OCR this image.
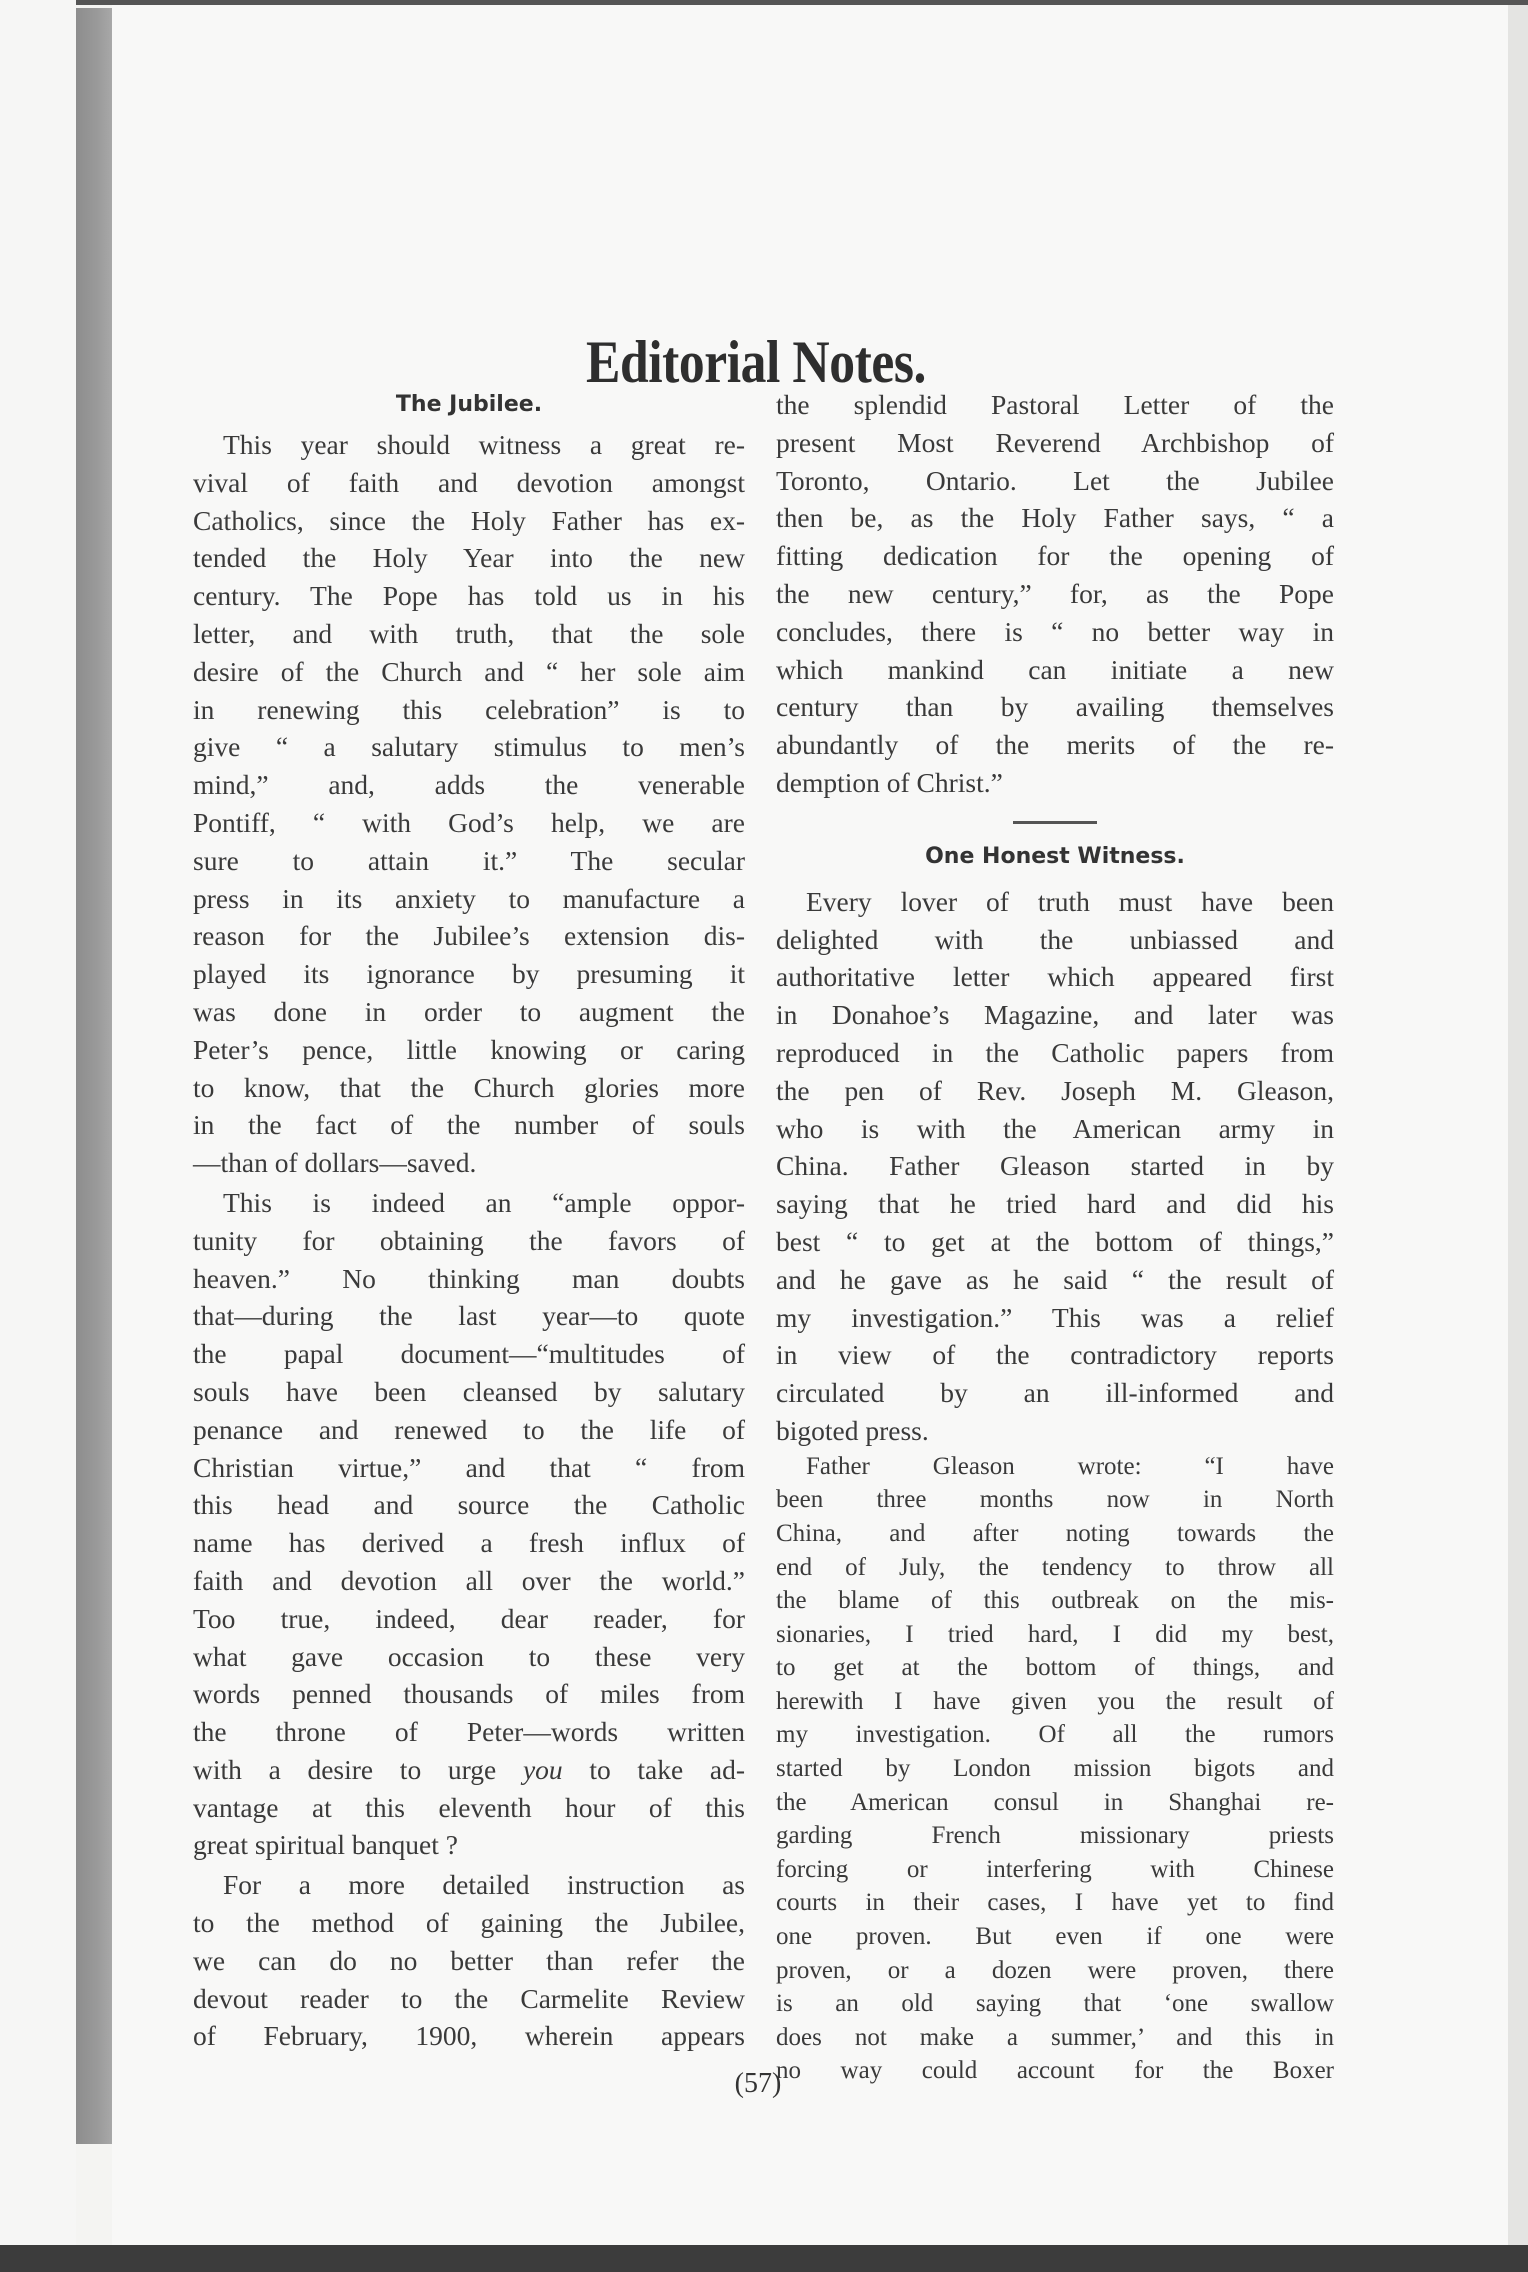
Editorial Notes.
The Jubilee.
This year should witness a great re-
vival of faith and devotion amongst
Catholics, since the Holy Father has ex-
tended the Holy Year into the new
century. The Pope has told us in his
letter, and with truth, that the sole
desire of the Church and “ her sole aim
in renewing this celebration” is to
give “ a salutary stimulus to men’s
mind,” and, adds the venerable
Pontiff, “ with God’s help, we are
sure to attain it.” The secular
press in its anxiety to manufacture a
reason for the Jubilee’s extension dis-
played its ignorance by presuming it
was done in order to augment the
Peter’s pence, little knowing or caring
to know, that the Church glories more
in the fact of the number of souls
—than of dollars—saved.
This is indeed an “ample oppor-
tunity for obtaining the favors of
heaven.” No thinking man doubts
that—during the last year—to quote
the papal document—“multitudes of
souls have been cleansed by salutary
penance and renewed to the life of
Christian virtue,” and that “ from
this head and source the Catholic
name has derived a fresh influx of
faith and devotion all over the world.”
Too true, indeed, dear reader, for
what gave occasion to these very
words penned thousands of miles from
the throne of Peter—words written
with a desire to urge you to take ad-
vantage at this eleventh hour of this
great spiritual banquet ?
For a more detailed instruction as
to the method of gaining the Jubilee,
we can do no better than refer the
devout reader to the Carmelite Review
of February, 1900, wherein appears
the splendid Pastoral Letter of the
present Most Reverend Archbishop of
Toronto, Ontario. Let the Jubilee
then be, as the Holy Father says, “ a
fitting dedication for the opening of
the new century,” for, as the Pope
concludes, there is “ no better way in
which mankind can initiate a new
century than by availing themselves
abundantly of the merits of the re-
demption of Christ.”
One Honest Witness.
Every lover of truth must have been
delighted with the unbiassed and
authoritative letter which appeared first
in Donahoe’s Magazine, and later was
reproduced in the Catholic papers from
the pen of Rev. Joseph M. Gleason,
who is with the American army in
China. Father Gleason started in by
saying that he tried hard and did his
best “ to get at the bottom of things,”
and he gave as he said “ the result of
my investigation.” This was a relief
in view of the contradictory reports
circulated by an ill-informed and
bigoted press.
Father Gleason wrote: “I have
been three months now in North
China, and after noting towards the
end of July, the tendency to throw all
the blame of this outbreak on the mis-
sionaries, I tried hard, I did my best,
to get at the bottom of things, and
herewith I have given you the result of
my investigation. Of all the rumors
started by London mission bigots and
the American consul in Shanghai re-
garding French missionary priests
forcing or interfering with Chinese
courts in their cases, I have yet to find
one proven. But even if one were
proven, or a dozen were proven, there
is an old saying that ‘one swallow
does not make a summer,’ and this in
no way could account for the Boxer
(57)
